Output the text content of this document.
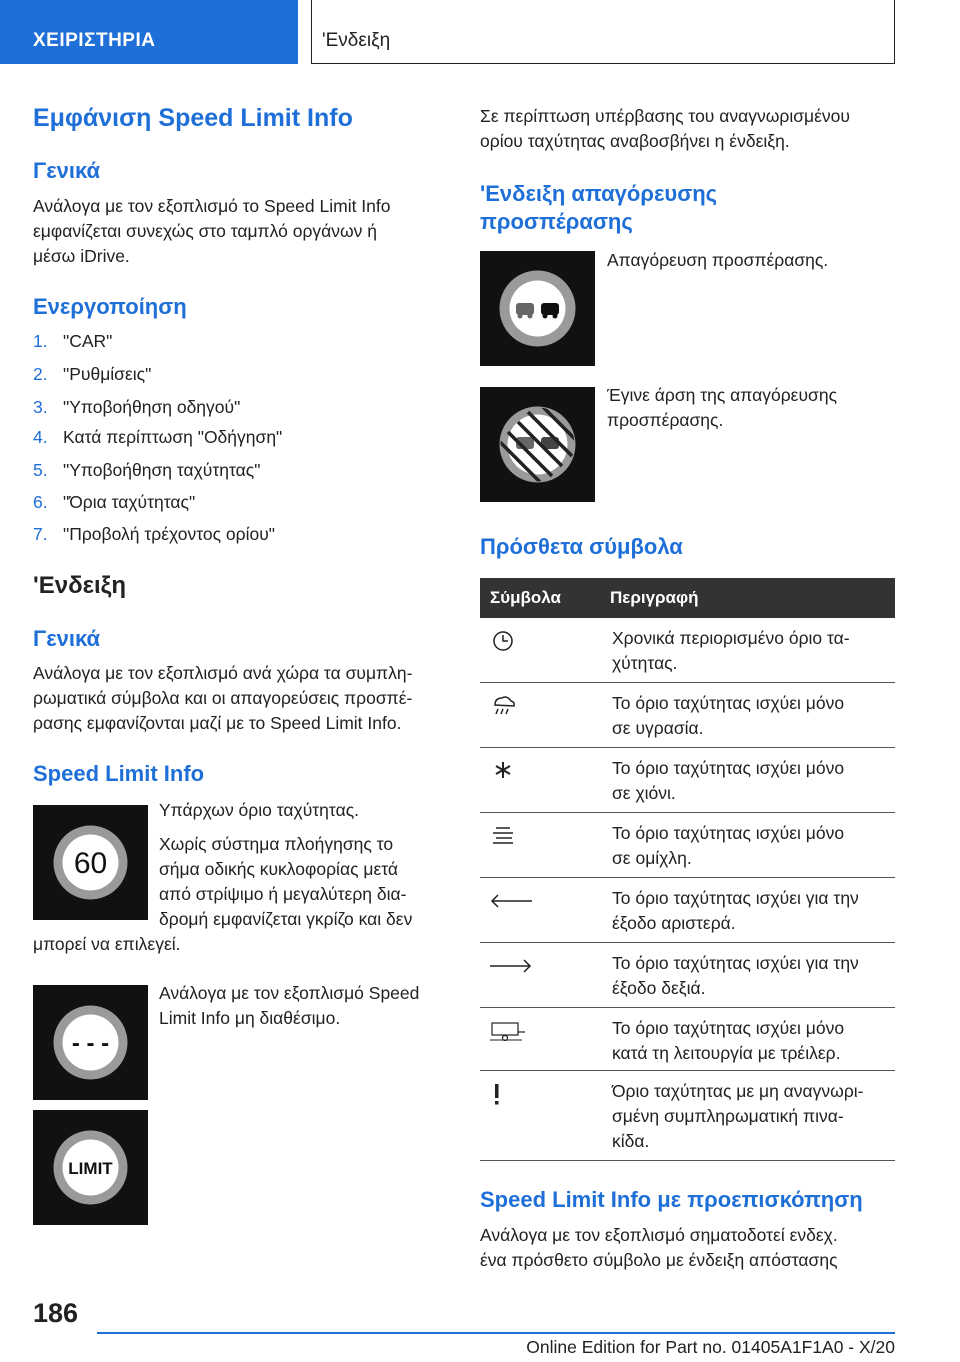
ΧΕΙΡΙΣΤΗΡΙΑ	'Ενδειξη
Εμφάνιση Speed Limit Info
Γενικά
Ανάλογα με τον εξοπλισμό το Speed Limit Info
εμφανίζεται συνεχώς στο ταμπλό οργάνων ή
μέσω iDrive.
Ενεργοποίηση
1. "CAR"
2. "Ρυθμίσεις"
3. "Υποβοήθηση οδηγού"
4. Κατά περίπτωση "Οδήγηση"
5. "Υποβοήθηση ταχύτητας"
6. "Όρια ταχύτητας"
7. "Προβολή τρέχοντος ορίου"
'Ενδειξη
Γενικά
Ανάλογα με τον εξοπλισμό ανά χώρα τα συμπλη-
ρωματικά σύμβολα και οι απαγορεύσεις προσπέ-
ρασης εμφανίζονται μαζί με το Speed Limit Info.
Speed Limit Info
60
Υπάρχων όριο ταχύτητας.
Χωρίς σύστημα πλοήγησης το
σήμα οδικής κυκλοφορίας μετά
από στρίψιμο ή μεγαλύτερη δια-
δρομή εμφανίζεται γκρίζο και δεν
μπορεί να επιλεγεί.
- - -
Ανάλογα με τον εξοπλισμό Speed
Limit Info μη διαθέσιμο.
LIMIT
Σε περίπτωση υπέρβασης του αναγνωρισμένου
ορίου ταχύτητας αναβοσβήνει η ένδειξη.
'Ενδειξη απαγόρευσης
προσπέρασης
Απαγόρευση προσπέρασης.
Έγινε άρση της απαγόρευσης
προσπέρασης.
Πρόσθετα σύμβολα
Σύμβολα	Περιγραφή
Χρονικά περιορισμένο όριο τα-
χύτητας.
Το όριο ταχύτητας ισχύει μόνο
σε υγρασία.
Το όριο ταχύτητας ισχύει μόνο
σε χιόνι.
Το όριο ταχύτητας ισχύει μόνο
σε ομίχλη.
Το όριο ταχύτητας ισχύει για την
έξοδο αριστερά.
Το όριο ταχύτητας ισχύει για την
έξοδο δεξιά.
Το όριο ταχύτητας ισχύει μόνο
κατά τη λειτουργία με τρέιλερ.
Όριο ταχύτητας με μη αναγνωρι-
σμένη συμπληρωματική πινα-
κίδα.
Speed Limit Info με προεπισκόπηση
Ανάλογα με τον εξοπλισμό σηματοδοτεί ενδεχ.
ένα πρόσθετο σύμβολο με ένδειξη απόστασης
186
Online Edition for Part no. 01405A1F1A0 - X/20
